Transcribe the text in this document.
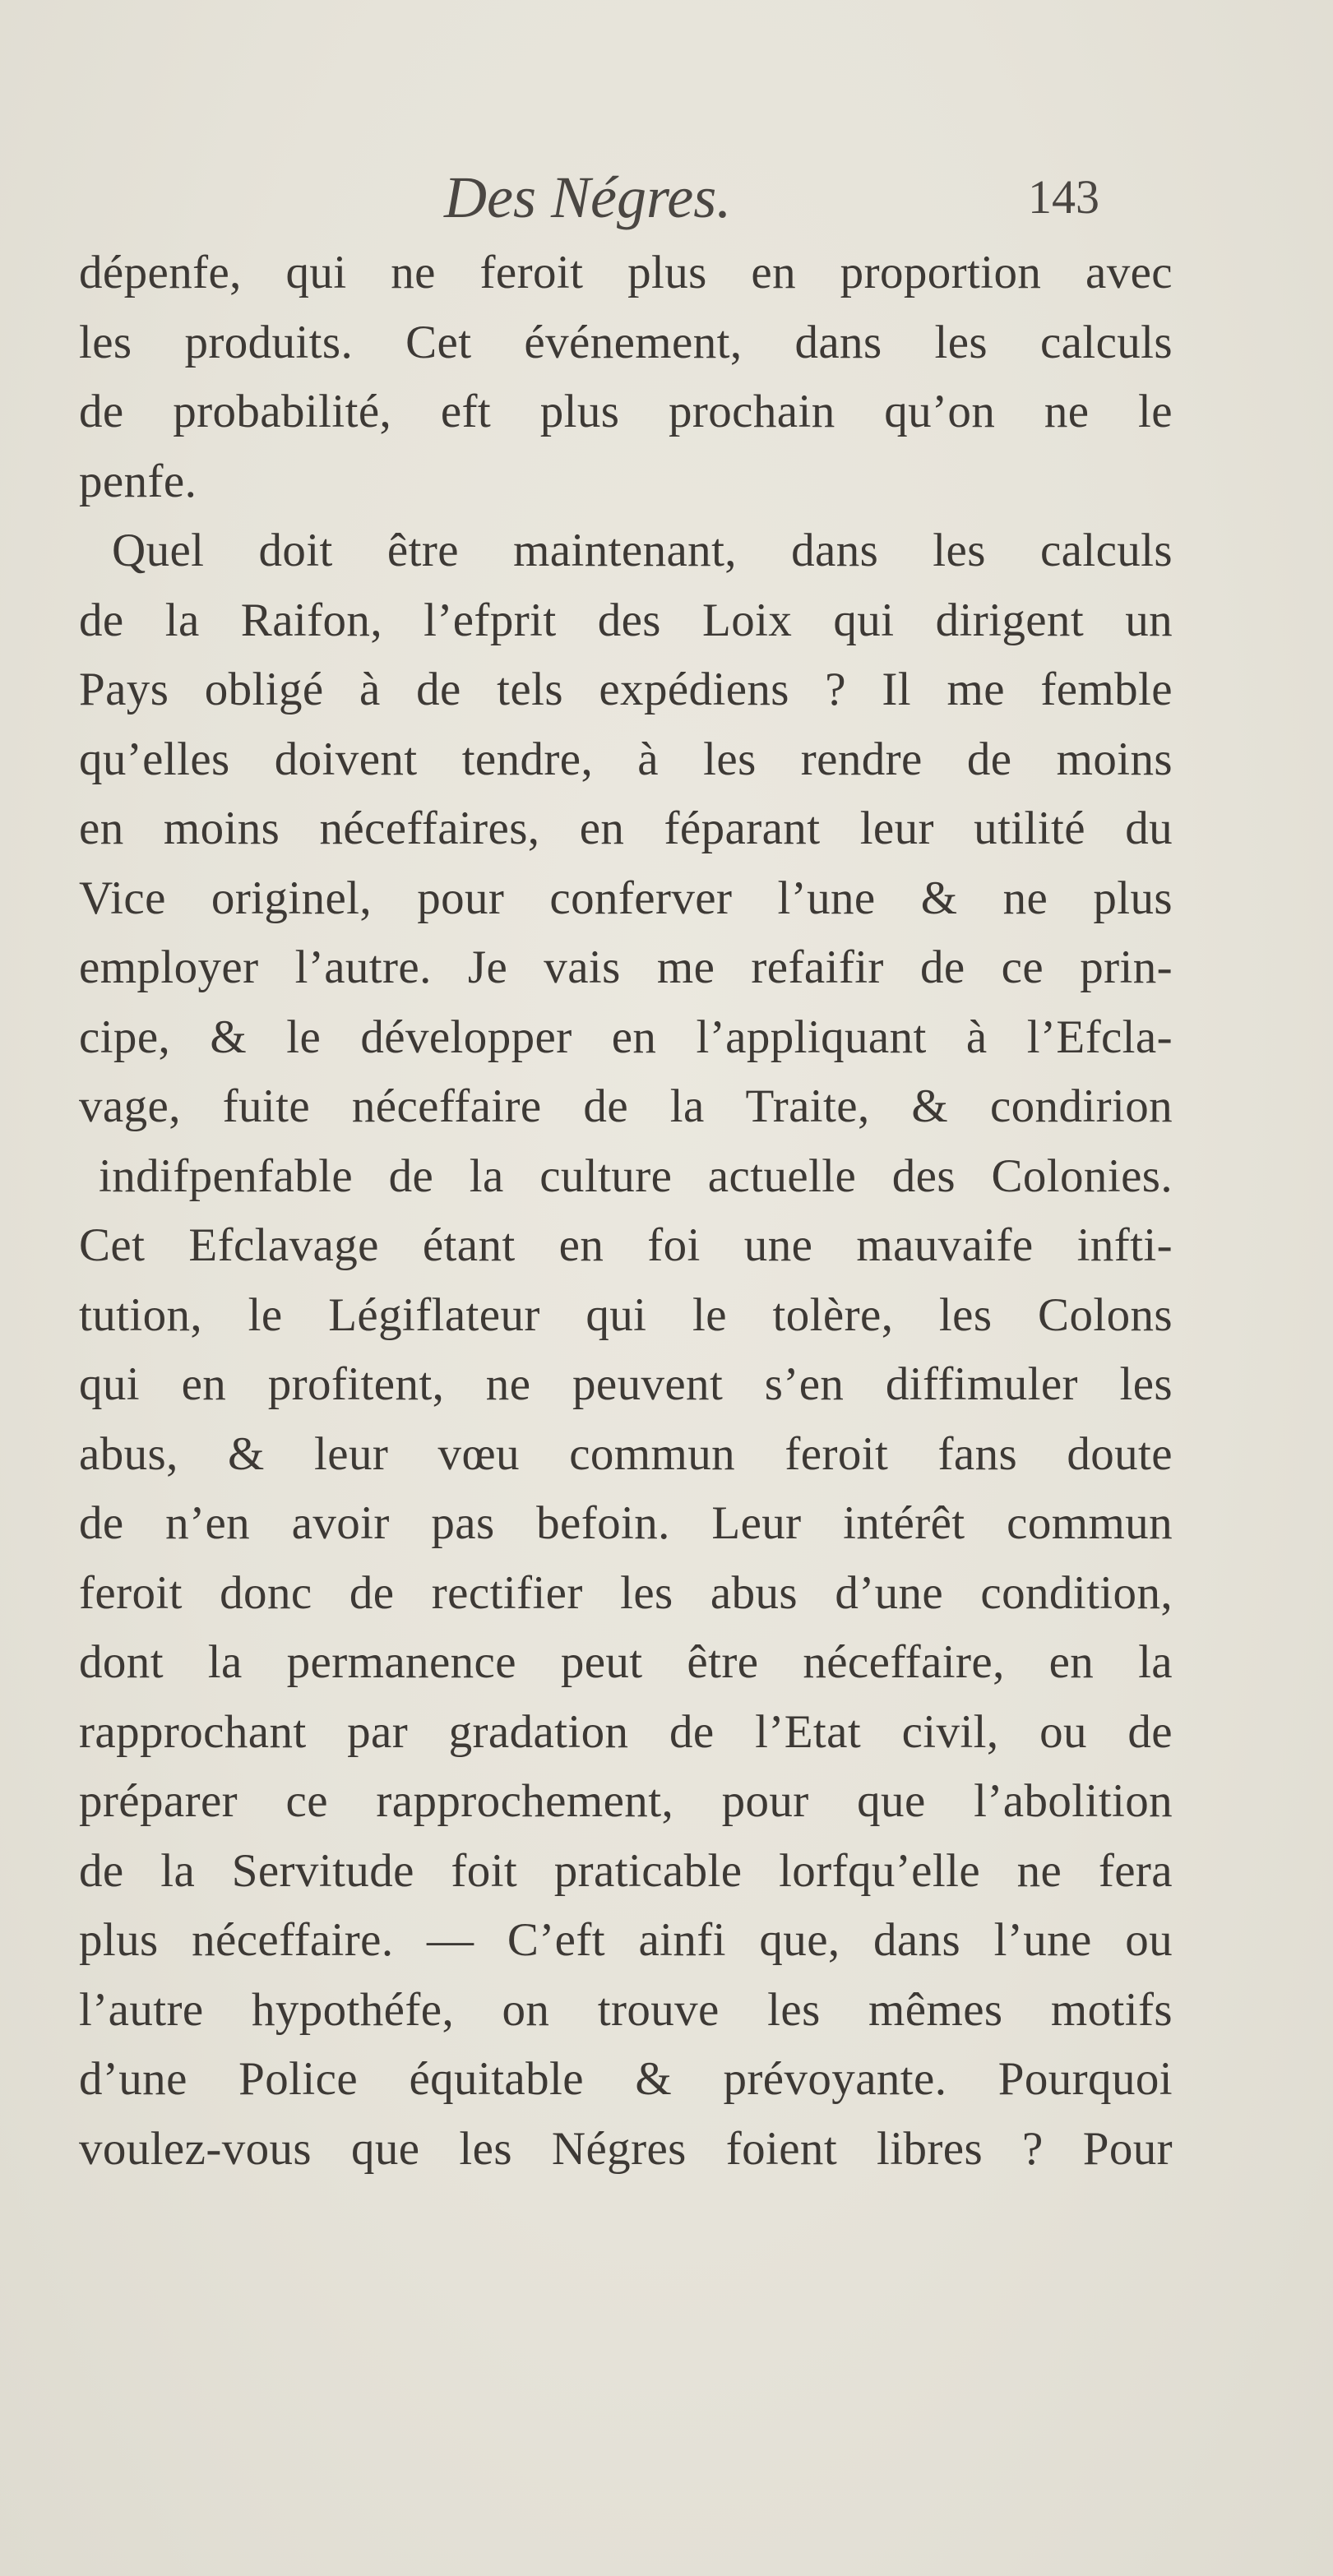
Des Négres.	143
dépenfe, qui ne feroit plus en proportion avec
les produits. Cet événement, dans les calculs
de probabilité, eft plus prochain qu’on ne le
penfe.
Quel doit être maintenant, dans les calculs
de la Raifon, l’efprit des Loix qui dirigent un
Pays obligé à de tels expédiens ? Il me femble
qu’elles doivent tendre, à les rendre de moins
en moins néceffaires, en féparant leur utilité du
Vice originel, pour conferver l’une & ne plus
employer l’autre. Je vais me refaifir de ce prin-
cipe, & le développer en l’appliquant à l’Efcla-
vage, fuite néceffaire de la Traite, & condirion
indifpenfable de la culture actuelle des Colonies.
Cet Efclavage étant en foi une mauvaife infti-
tution, le Légiflateur qui le tolère, les Colons
qui en profitent, ne peuvent s’en diffimuler les
abus, & leur vœu commun feroit fans doute
de n’en avoir pas befoin. Leur intérêt commun
feroit donc de rectifier les abus d’une condition,
dont la permanence peut être néceffaire, en la
rapprochant par gradation de l’Etat civil, ou de
préparer ce rapprochement, pour que l’abolition
de la Servitude foit praticable lorfqu’elle ne fera
plus néceffaire. — C’eft ainfi que, dans l’une ou
l’autre hypothéfe, on trouve les mêmes motifs
d’une Police équitable & prévoyante. Pourquoi
voulez-vous que les Négres foient libres ? Pour
